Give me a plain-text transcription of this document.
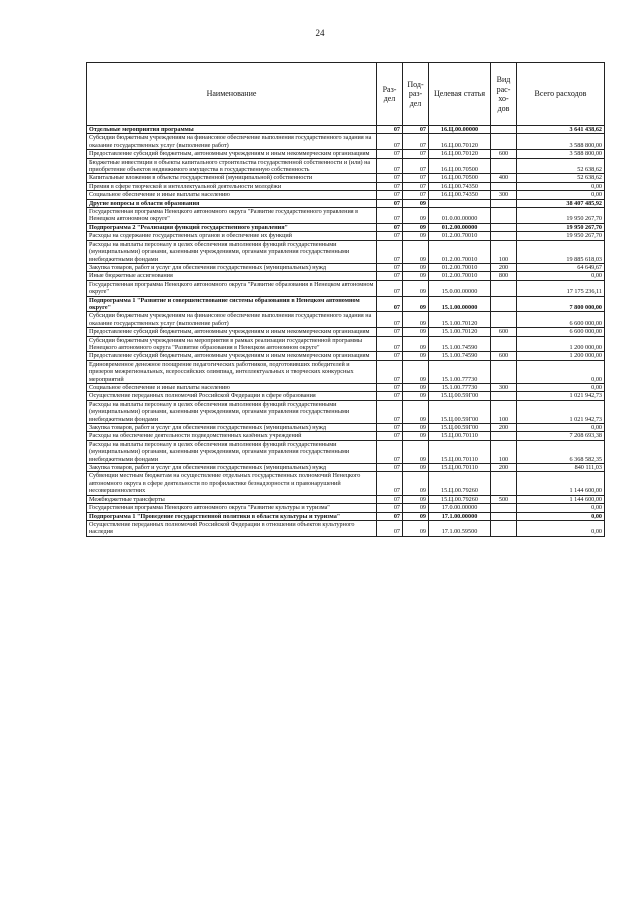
24
Наименование	Раз-дел	Под-раз-дел	Целевая статья	Вид рас-хо-дов	Всего расходов
Отдельные мероприятия программы	07	07	16.Ц.00.00000		3 641 438,62
Субсидии бюджетным учреждениям на финансовое обеспечение выполнения государственного задания на оказание государственных услуг (выполнение работ)	07	07	16.Ц.00.70120		3 588 800,00
Предоставление субсидий бюджетным, автономным учреждениям и иным некоммерческим организациям	07	07	16.Ц.00.70120	600	3 588 800,00
Бюджетные инвестиции в объекты капитального строительства государственной собственности и (или) на приобретение объектов недвижимого имущества в государственную собственность	07	07	16.Ц.00.70500		52 638,62
Капитальные вложения в объекты государственной (муниципальной) собственности	07	07	16.Ц.00.70500	400	52 638,62
Премия в сфере творческой и интеллектуальной деятельности молодёжи	07	07	16.Ц.00.74350		0,00
Социальное обеспечение и иные выплаты населению	07	07	16.Ц.00.74350	300	0,00
Другие вопросы в области образования	07	09			38 407 485,92
Государственная программа Ненецкого автономного округа "Развитие государственного управления в Ненецком автономном округе"	07	09	01.0.00.00000		19 950 267,70
Подпрограмма 2 "Реализация функций государственного управления"	07	09	01.2.00.00000		19 950 267,70
Расходы на содержание государственных органов и обеспечение их функций	07	09	01.2.00.70010		19 950 267,70
Расходы на выплаты персоналу в целях обеспечения выполнения функций государственными (муниципальными) органами, казенными учреждениями, органами управления государственными внебюджетными фондами	07	09	01.2.00.70010	100	19 885 618,03
Закупка товаров, работ и услуг для обеспечения государственных (муниципальных) нужд	07	09	01.2.00.70010	200	64 649,67
Иные бюджетные ассигнования	07	09	01.2.00.70010	800	0,00
Государственная программа Ненецкого автономного округа "Развитие образования в Ненецком автономном округе"	07	09	15.0.00.00000		17 175 236,11
Подпрограмма 1 "Развитие и совершенствование системы образования в Ненецком автономном округе"	07	09	15.1.00.00000		7 800 000,00
Субсидии бюджетным учреждениям на финансовое обеспечение выполнения государственного задания на оказание государственных услуг (выполнение работ)	07	09	15.1.00.70120		6 600 000,00
Предоставление субсидий бюджетным, автономным учреждениям и иным некоммерческим организациям	07	09	15.1.00.70120	600	6 600 000,00
Субсидии бюджетным учреждениям на мероприятия в рамках реализации государственной программы Ненецкого автономного округа "Развитие образования в Ненецком автономном округе"	07	09	15.1.00.74590		1 200 000,00
Предоставление субсидий бюджетным, автономным учреждениям и иным некоммерческим организациям	07	09	15.1.00.74590	600	1 200 000,00
Единовременное денежное поощрение педагогических работников, подготовивших победителей и призеров межрегиональных, всероссийских олимпиад, интеллектуальных и творческих конкурсных мероприятий	07	09	15.1.00.77730		0,00
Социальное обеспечение и иные выплаты населению	07	09	15.1.00.77730	300	0,00
Осуществление переданных полномочий Российской Федерации в сфере образования	07	09	15.Ц.00.59Г00		1 021 942,73
Расходы на выплаты персоналу в целях обеспечения выполнения функций государственными (муниципальными) органами, казенными учреждениями, органами управления государственными внебюджетными фондами	07	09	15.Ц.00.59Г00	100	1 021 942,73
Закупка товаров, работ и услуг для обеспечения государственных (муниципальных) нужд	07	09	15.Ц.00.59Г00	200	0,00
Расходы на обеспечение деятельности подведомственных казённых учреждений	07	09	15.Ц.00.70110		7 208 693,38
Расходы на выплаты персоналу в целях обеспечения выполнения функций государственными (муниципальными) органами, казенными учреждениями, органами управления государственными внебюджетными фондами	07	09	15.Ц.00.70110	100	6 368 582,35
Закупка товаров, работ и услуг для обеспечения государственных (муниципальных) нужд	07	09	15.Ц.00.70110	200	840 111,03
Субвенции местным бюджетам на осуществление отдельных государственных полномочий Ненецкого автономного округа в сфере деятельности по профилактике безнадзорности и правонарушений несовершеннолетних	07	09	15.Ц.00.79260		1 144 600,00
Межбюджетные трансферты	07	09	15.Ц.00.79260	500	1 144 600,00
Государственная программа Ненецкого автономного округа "Развитие культуры и туризма"	07	09	17.0.00.00000		0,00
Подпрограмма 1 "Проведение государственной политики в области культуры и туризма"	07	09	17.1.00.00000		0,00
Осуществление переданных полномочий Российской Федерации в отношении объектов культурного наследия	07	09	17.1.00.59500		0,00
